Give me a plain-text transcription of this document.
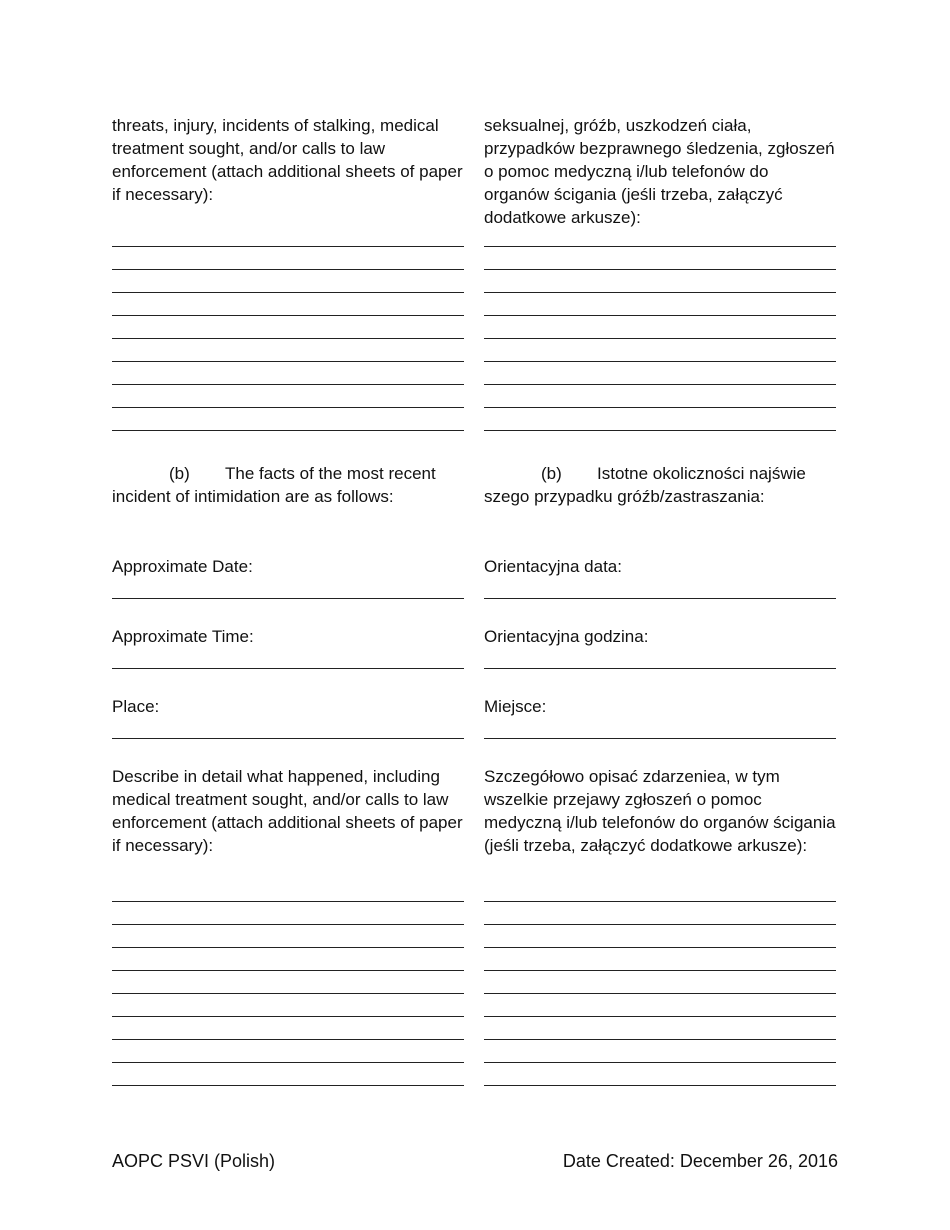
threats, injury, incidents of stalking, medical treatment sought, and/or calls to law enforcement (attach additional sheets of paper if necessary):

(b) The facts of the most recent incident of intimidation are as follows:

Approximate Date:

Approximate Time:

Place:

Describe in detail what happened, including medical treatment sought, and/or calls to law enforcement (attach additional sheets of paper if necessary):

seksualnej, gróźb, uszkodzeń ciała, przypadków bezprawnego śledzenia, zgłoszeń o pomoc medyczną i/lub telefonów do organów ścigania (jeśli trzeba, załączyć dodatkowe arkusze):

(b) Istotne okoliczności najświe szego przypadku gróźb/zastraszania:

Orientacyjna data:

Orientacyjna godzina:

Miejsce:

Szczegółowo opisać zdarzeniea, w tym wszelkie przejawy zgłoszeń o pomoc medyczną i/lub telefonów do organów ścigania (jeśli trzeba, załączyć dodatkowe arkusze):

AOPC PSVI (Polish)	Date Created: December 26, 2016
